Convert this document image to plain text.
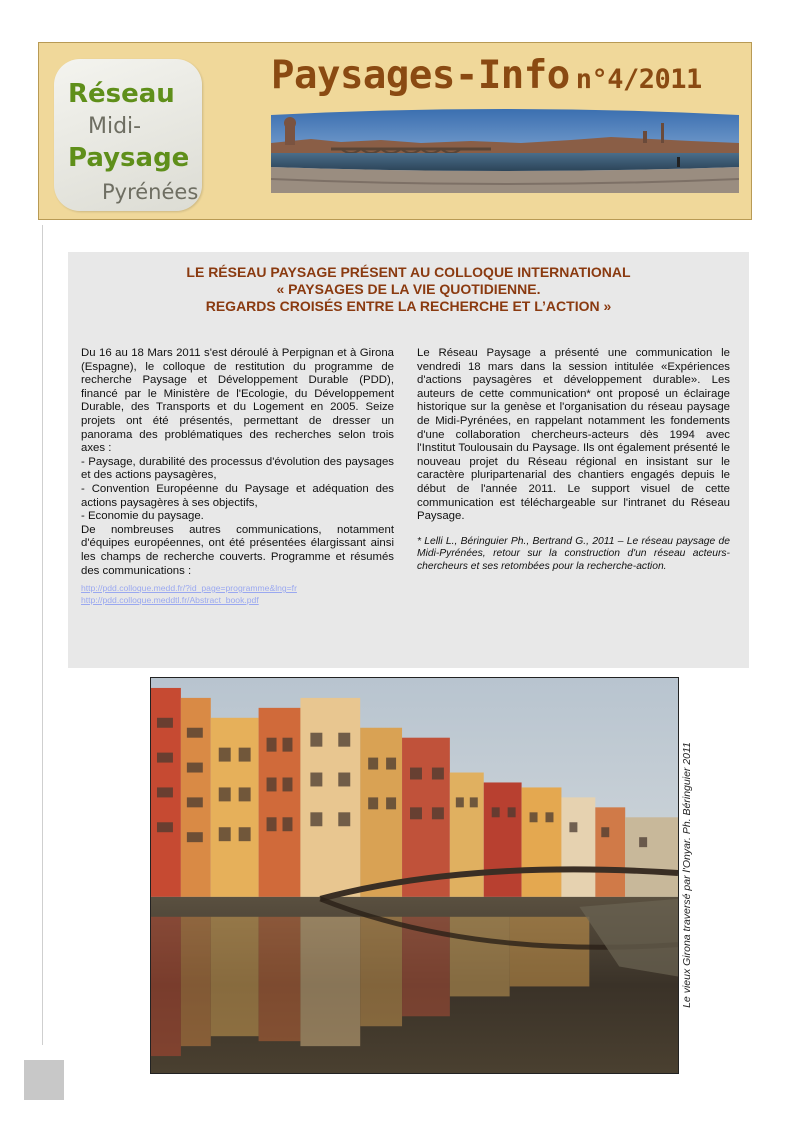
Réseau
Midi-
Paysage
Pyrénées
Paysages-Info n°4/2011
LE RÉSEAU PAYSAGE PRÉSENT AU COLLOQUE INTERNATIONAL
« PAYSAGES DE LA VIE QUOTIDIENNE.
REGARDS CROISÉS ENTRE LA RECHERCHE ET L’ACTION »

Du 16 au 18 Mars 2011 s'est déroulé à Perpignan et à Girona (Espagne), le colloque de restitution du programme de recherche Paysage et Développement Durable (PDD), financé par le Ministère de l'Ecologie, du Développement Durable, des Transports et du Logement en 2005. Seize projets ont été présentés, permettant de dresser un panorama des problématiques des recherches selon trois axes :

- Paysage, durabilité des processus d'évolution des paysages et des actions paysagères,
- Convention Européenne du Paysage et adéquation des actions paysagères à ses objectifs,
- Economie du paysage.

De nombreuses autres communications, notamment d'équipes européennes, ont été présentées élargissant ainsi les champs de recherche couverts. Programme et résumés des communications :

http://pdd.colloque.medd.fr/?id_page=programme&lng=fr
http://pdd.colloque.meddtl.fr/Abstract_book.pdf

Le Réseau Paysage a présenté une communication le vendredi 18 mars dans la session intitulée «Expériences d'actions paysagères et développement durable». Les auteurs de cette communication* ont proposé un éclairage historique sur la genèse et l'organisation du réseau paysage de Midi-Pyrénées, en rappelant notamment les fondements d'une collaboration chercheurs-acteurs dès 1994 avec l'Institut Toulousain du Paysage. Ils ont également présenté le nouveau projet du Réseau régional en insistant sur le caractère pluripartenarial des chantiers engagés depuis le début de l'année 2011. Le support visuel de cette communication est téléchargeable sur l'intranet du Réseau Paysage.

* Lelli L., Béringuier Ph., Bertrand G., 2011 – Le réseau paysage de Midi-Pyrénées, retour sur la construction d'un réseau acteurs-chercheurs et ses retombées pour la recherche-action.

Le vieux Girona traversé par l'Onyar. Ph. Béringuier 2011
